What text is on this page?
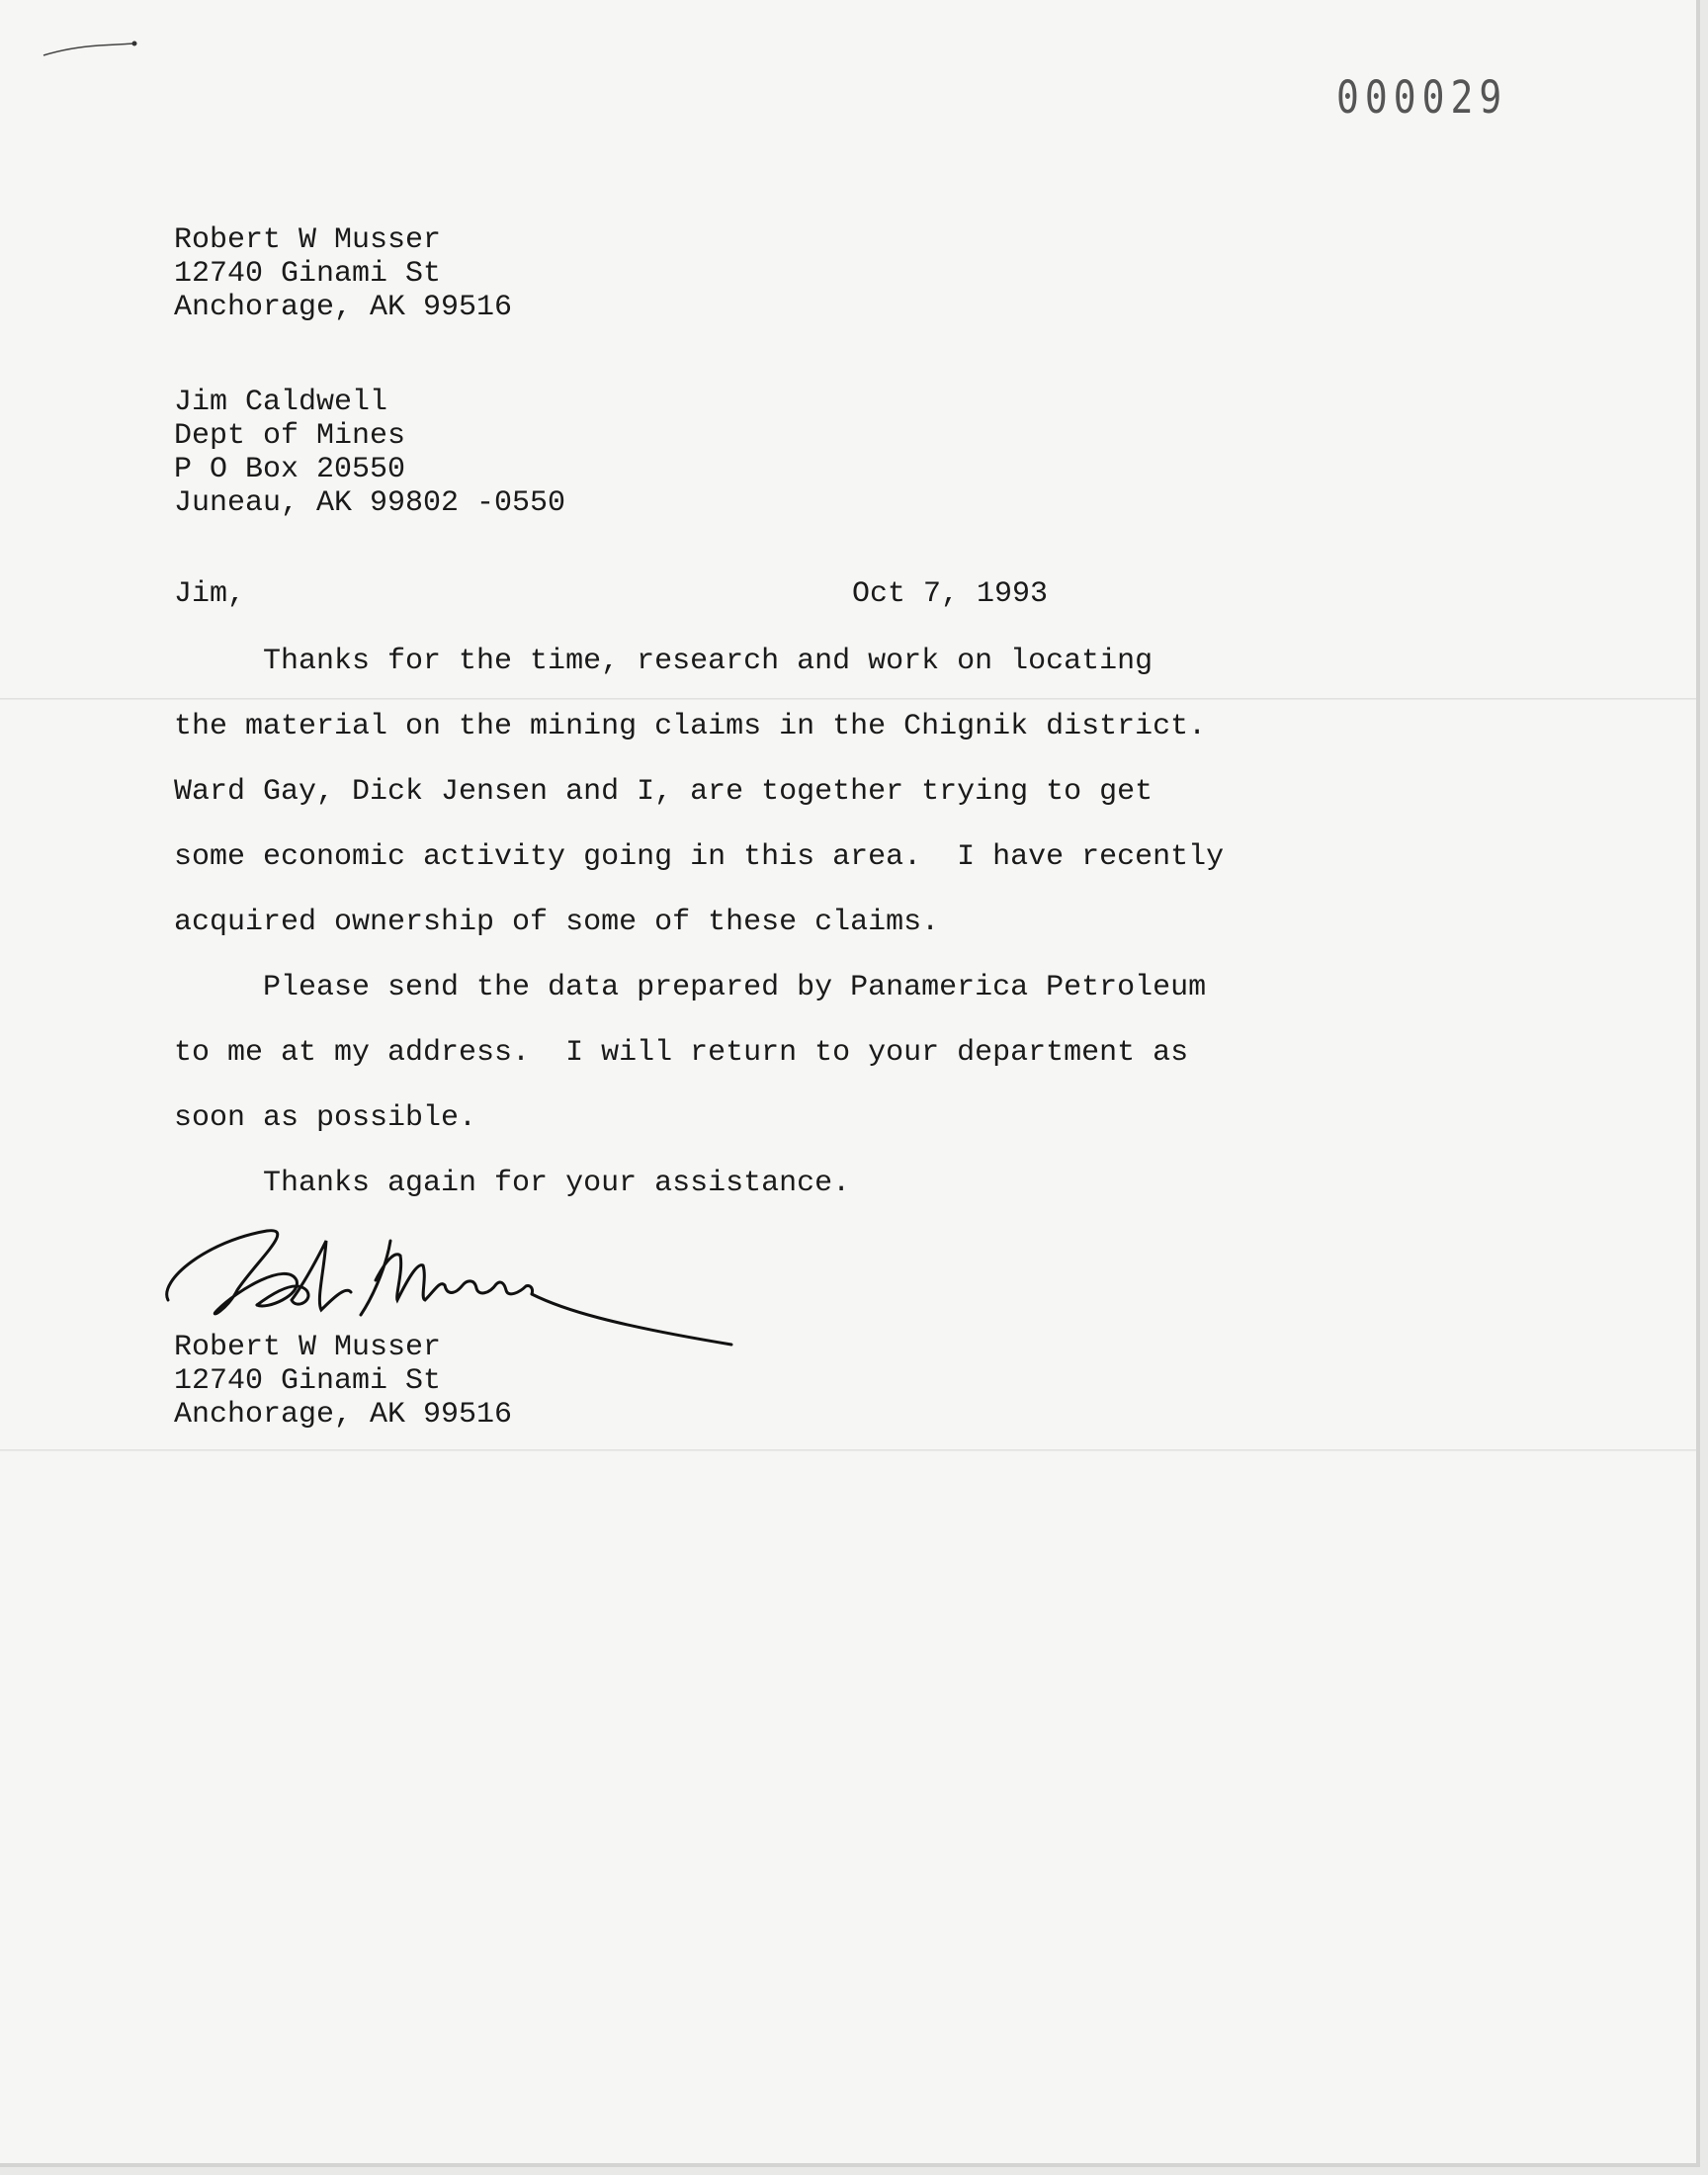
000029
Robert W Musser
12740 Ginami St
Anchorage, AK 99516
Jim Caldwell
Dept of Mines
P O Box 20550
Juneau, AK 99802 -0550
Jim,	Oct 7, 1993
Thanks for the time, research and work on locating
the material on the mining claims in the Chignik district.
Ward Gay, Dick Jensen and I, are together trying to get
some economic activity going in this area.  I have recently
acquired ownership of some of these claims.
Please send the data prepared by Panamerica Petroleum
to me at my address.  I will return to your department as
soon as possible.
Thanks again for your assistance.
Robert W Musser
12740 Ginami St
Anchorage, AK 99516
